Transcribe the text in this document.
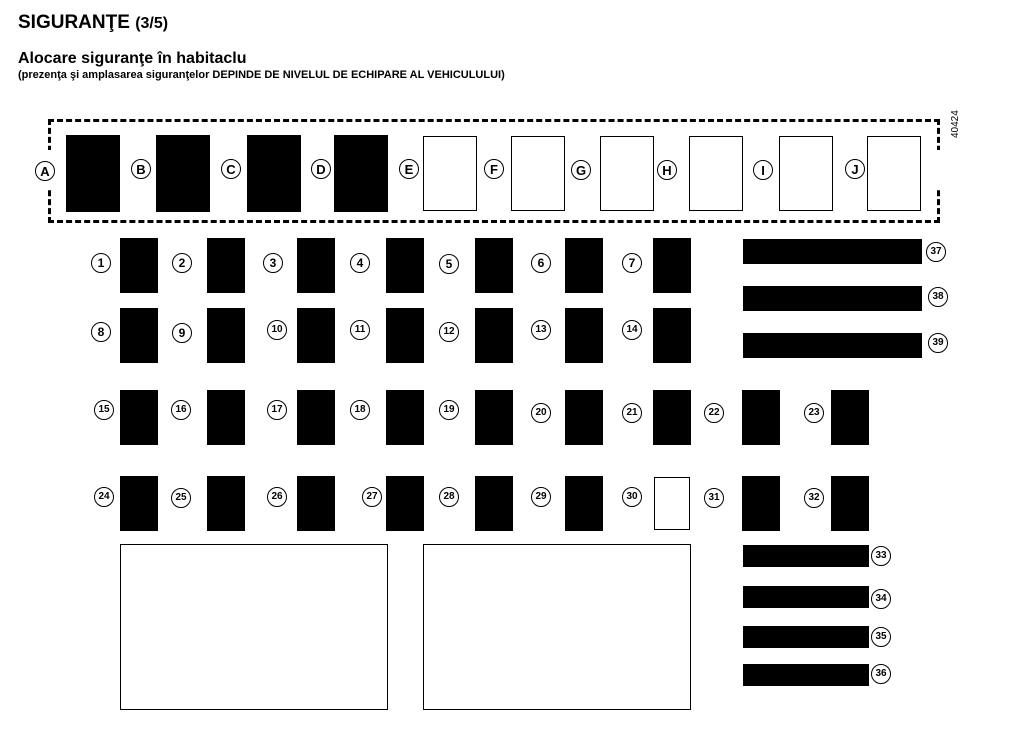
SIGURANŢE (3/5)
Alocare siguranţe în habitaclu
(prezenţa şi amplasarea siguranţelor DEPINDE DE NIVELUL DE ECHIPARE AL VEHICULULUI)
40424
A	B	C	D	E	F	G	H	I	J
1	2	3	4	5	6	7
8	9	10	11	12	13	14
15	16	17	18	19	20	21	22	23
24	25	26	27	28	29	30	31	32
37
38
39
33
34
35
36
